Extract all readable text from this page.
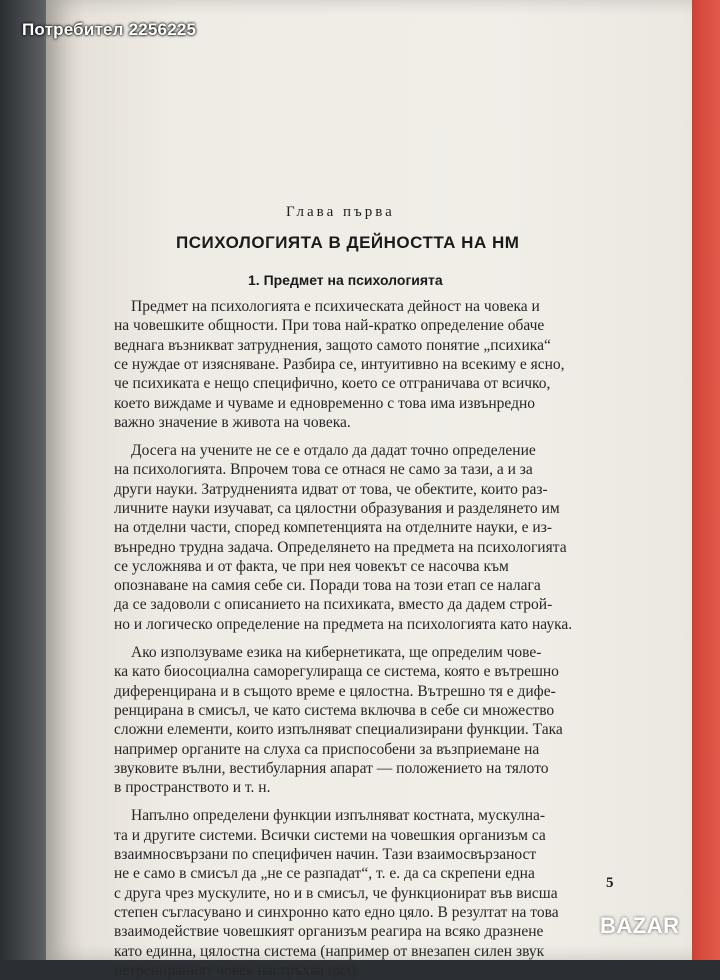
Глава първа
ПСИХОЛОГИЯТА В ДЕЙНОСТТА НА НМ
1. Предмет на психологията
Предмет на психологията е психическата дейност на човека и
на човешките общности. При това най-кратко определение обаче
веднага възникват затруднения, защото самото понятие „психика“
се нуждае от изясняване. Разбира се, интуитивно на всекиму е ясно,
че психиката е нещо специфично, което се отграничава от всичко,
което виждаме и чуваме и едновременно с това има извънредно
важно значение в живота на човека.
Досега на учените не се е отдало да дадат точно определение
на психологията. Впрочем това се отнася не само за тази, а и за
други науки. Затрудненията идват от това, че обектите, които раз-
личните науки изучават, са цялостни образувания и разделянето им
на отделни части, според компетенцията на отделните науки, е из-
вънредно трудна задача. Определянето на предмета на психологията
се усложнява и от факта, че при нея човекът се насочва към
опознаване на самия себе си. Поради това на този етап се налага
да се задоволи с описанието на психиката, вместо да дадем строй-
но и логическо определение на предмета на психологията като наука.
Ако използуваме езика на кибернетиката, ще определим чове-
ка като биосоциална саморегулираща се система, която е вътрешно
диференцирана и в същото време е цялостна. Вътрешно тя е дифе-
ренцирана в смисъл, че като система включва в себе си множество
сложни елементи, които изпълняват специализирани функции. Така
например органите на слуха са приспособени за възприемане на
звуковите вълни, вестибуларния апарат — положението на тялото
в пространството и т. н.
Напълно определени функции изпълняват костната, мускулна-
та и другите системи. Всички системи на човешкия организъм са
взаимносвързани по специфичен начин. Тази взаимосвързаност
не е само в смисъл да „не се разпадат“, т. е. да са скрепени една
с друга чрез мускулите, но и в смисъл, че функционират във висша
степен съгласувано и синхронно като едно цяло. В резултат на това
взаимодействие човешкият организъм реагира на всяко дразнене
като единна, цялостна система (например от внезапен силен звук
нетренираният човек настръхва цял).
5
Потребител 2256225
BAZAR
